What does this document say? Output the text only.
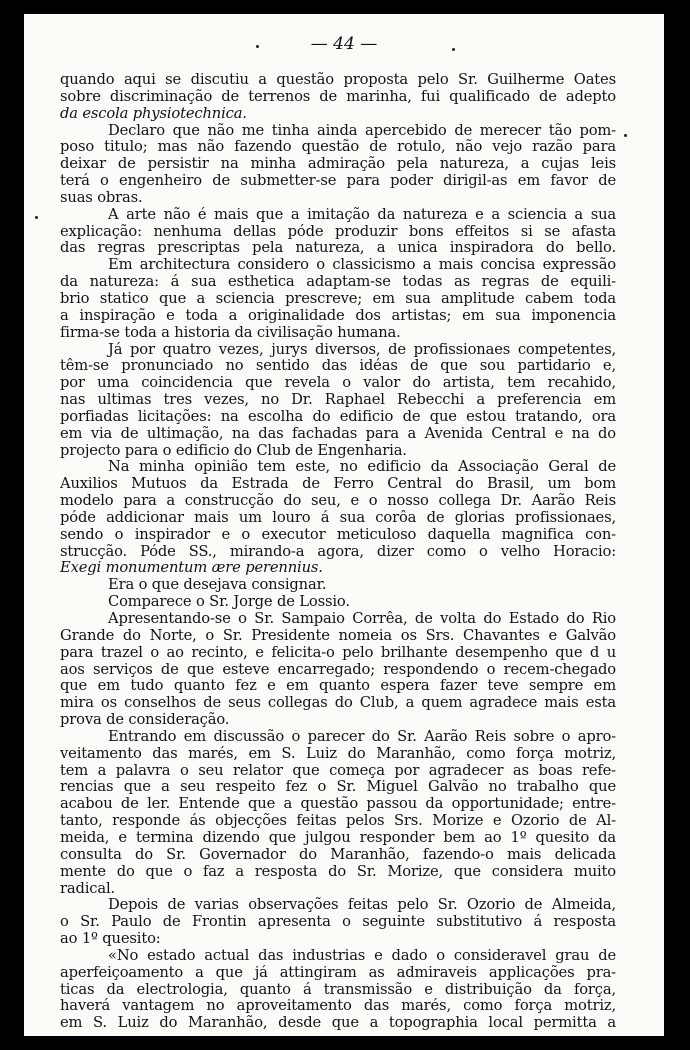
— 44 —
quando aqui se discutiu a questão proposta pelo Sr. Guilherme Oates
sobre discriminação de terrenos de marinha, fui qualificado de adepto
da escola physiotechnica.
Declaro que não me tinha ainda apercebido de merecer tão pom-
poso titulo; mas não fazendo questão de rotulo, não vejo razão para
deixar de persistir na minha admiração pela natureza, a cujas leis
terá o engenheiro de submetter-se para poder dirigil-as em favor de
suas obras.
A arte não é mais que a imitação da natureza e a sciencia a sua
explicação: nenhuma dellas póde produzir bons effeitos si se afasta
das regras prescriptas pela natureza, a unica inspiradora do bello.
Em architectura considero o classicismo a mais concisa expressão
da natureza: á sua esthetica adaptam-se todas as regras de equili-
brio statico que a sciencia prescreve; em sua amplitude cabem toda
a inspiração e toda a originalidade dos artistas; em sua imponencia
firma-se toda a historia da civilisação humana.
Já por quatro vezes, jurys diversos, de profissionaes competentes,
têm-se pronunciado no sentido das idéas de que sou partidario e,
por uma coincidencia que revela o valor do artista, tem recahido,
nas ultimas tres vezes, no Dr. Raphael Rebecchi a preferencia em
porfiadas licitações: na escolha do edificio de que estou tratando, ora
em via de ultimação, na das fachadas para a Avenida Central e na do
projecto para o edificio do Club de Engenharia.
Na minha opinião tem este, no edificio da Associação Geral de
Auxilios Mutuos da Estrada de Ferro Central do Brasil, um bom
modelo para a construcção do seu, e o nosso collega Dr. Aarão Reis
póde addicionar mais um louro á sua corôa de glorias profissionaes,
sendo o inspirador e o executor meticuloso daquella magnifica con-
strucção. Póde SS., mirando-a agora, dizer como o velho Horacio:
Exegi monumentum ære perennius.
Era o que desejava consignar.
Comparece o Sr. Jorge de Lossio.
Apresentando-se o Sr. Sampaio Corrêa, de volta do Estado do Rio
Grande do Norte, o Sr. Presidente nomeia os Srs. Chavantes e Galvão
para trazel o ao recinto, e felicita-o pelo brilhante desempenho que d u
aos serviços de que esteve encarregado; respondendo o recem-chegado
que em tudo quanto fez e em quanto espera fazer teve sempre em
mira os conselhos de seus collegas do Club, a quem agradece mais esta
prova de consideração.
Entrando em discussão o parecer do Sr. Aarão Reis sobre o apro-
veitamento das marés, em S. Luiz do Maranhão, como força motriz,
tem a palavra o seu relator que começa por agradecer as boas refe-
rencias que a seu respeito fez o Sr. Miguel Galvão no trabalho que
acabou de ler. Entende que a questão passou da opportunidade; entre-
tanto, responde ás objecções feitas pelos Srs. Morize e Ozorio de Al-
meida, e termina dizendo que julgou responder bem ao 1º quesito da
consulta do Sr. Governador do Maranhão, fazendo-o mais delicada
mente do que o faz a resposta do Sr. Morize, que considera muito
radical.
Depois de varias observações feitas pelo Sr. Ozorio de Almeida,
o Sr. Paulo de Frontin apresenta o seguinte substitutivo á resposta
ao 1º quesito:
«No estado actual das industrias e dado o consideravel grau de
aperfeiçoamento a que já attingiram as admiraveis applicações pra-
ticas da electrologia, quanto á transmissão e distribuição da força,
haverá vantagem no aproveitamento das marés, como força motriz,
em S. Luiz do Maranhão, desde que a topographia local permitta a
